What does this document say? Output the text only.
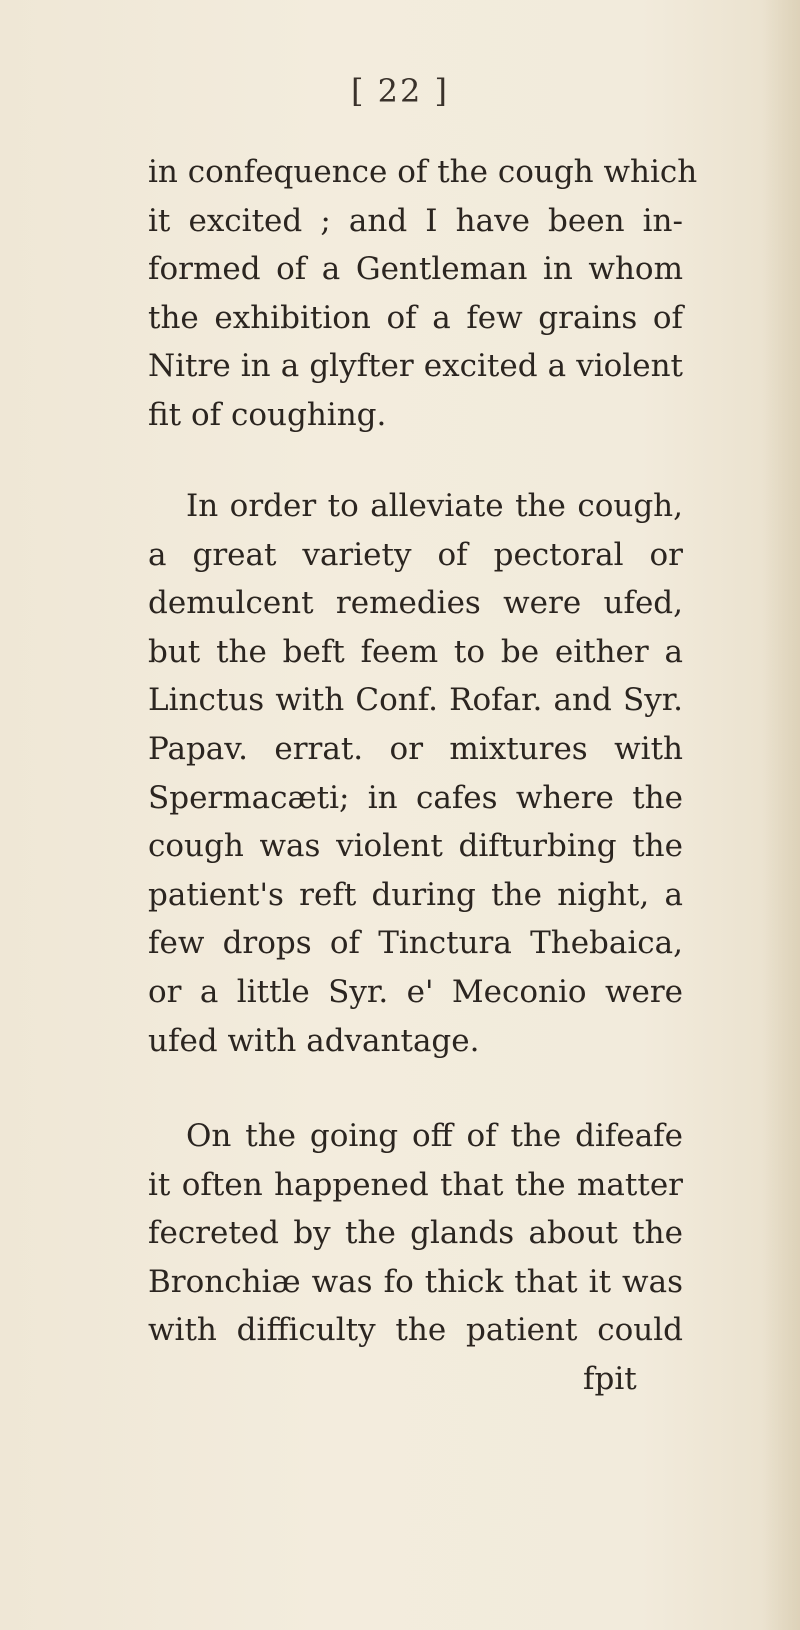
[ 22 ]
in confequence of the cough which
it excited ; and I have been in-
formed of a Gentleman in whom
the exhibition of a few grains of
Nitre in a glyfter excited a violent
fit of coughing.
In order to alleviate the cough,
a great variety of pectoral or
demulcent remedies were ufed,
but the beft feem to be either a
Linctus with Conf. Rofar. and Syr.
Papav. errat. or mixtures with
Spermacæti; in cafes where the
cough was violent difturbing the
patient's reft during the night, a
few drops of Tinctura Thebaica,
or a little Syr. e' Meconio were
ufed with advantage.
On the going off of the difeafe
it often happened that the matter
fecreted by the glands about the
Bronchiæ was fo thick that it was
with difficulty the patient could
fpit
